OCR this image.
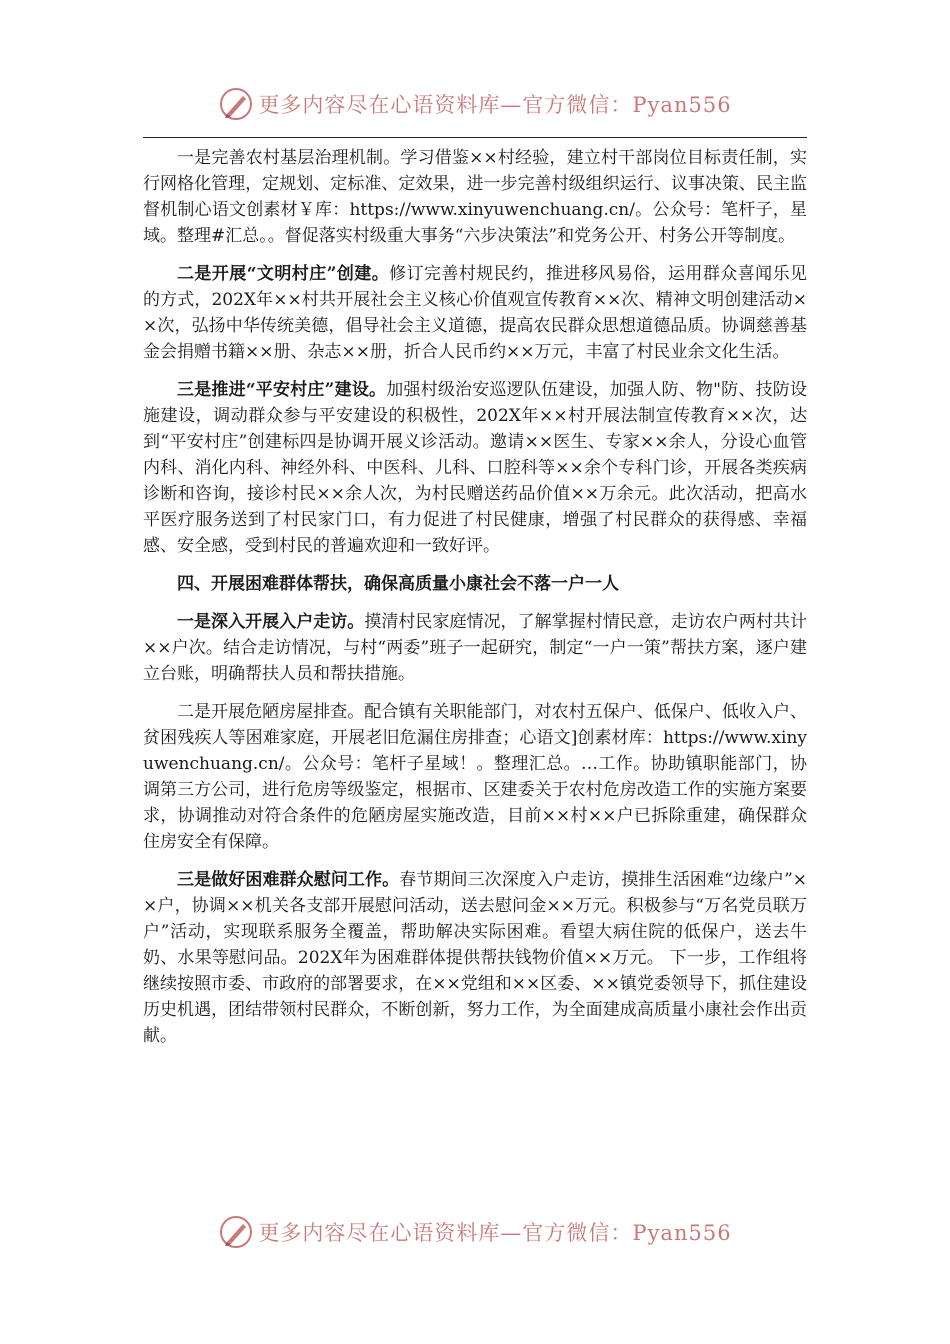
更多内容尽在心语资料库—官方微信：Pyan556

一是完善农村基层治理机制。学习借鉴××村经验，建立村干部岗位目标责任制，实行网格化管理，定规划、定标准、定效果，进一步完善村级组织运行、议事决策、民主监督机制心语文创素材￥库：https://www.xinyuwenchuang.cn/。公众号：笔杆子，星域。整理#汇总。。督促落实村级重大事务“六步决策法”和党务公开、村务公开等制度。

二是开展“文明村庄”创建。修订完善村规民约，推进移风易俗，运用群众喜闻乐见的方式，202X年××村共开展社会主义核心价值观宣传教育××次、精神文明创建活动××次，弘扬中华传统美德，倡导社会主义道德，提高农民群众思想道德品质。协调慈善基金会捐赠书籍××册、杂志××册，折合人民币约××万元，丰富了村民业余文化生活。

三是推进“平安村庄”建设。加强村级治安巡逻队伍建设，加强人防、物"防、技防设施建设，调动群众参与平安建设的积极性，202X年××村开展法制宣传教育××次，达到“平安村庄”创建标四是协调开展义诊活动。邀请××医生、专家××余人，分设心血管内科、消化内科、神经外科、中医科、儿科、口腔科等××余个专科门诊，开展各类疾病诊断和咨询，接诊村民××余人次，为村民赠送药品价值××万余元。此次活动，把高水平医疗服务送到了村民家门口，有力促进了村民健康，增强了村民群众的获得感、幸福感、安全感，受到村民的普遍欢迎和一致好评。

四、开展困难群体帮扶，确保高质量小康社会不落一户一人

一是深入开展入户走访。摸清村民家庭情况，了解掌握村情民意，走访农户两村共计××户次。结合走访情况，与村“两委”班子一起研究，制定“一户一策”帮扶方案，逐户建立台账，明确帮扶人员和帮扶措施。

二是开展危陋房屋排查。配合镇有关职能部门，对农村五保户、低保户、低收入户、贫困残疾人等困难家庭，开展老旧危漏住房排查；心语文]创素材库：https://www.xinyuwenchuang.cn/。公众号：笔杆子星域！。整理汇总。…工作。协助镇职能部门，协调第三方公司，进行危房等级鉴定，根据市、区建委关于农村危房改造工作的实施方案要求，协调推动对符合条件的危陋房屋实施改造，目前××村××户已拆除重建，确保群众住房安全有保障。

三是做好困难群众慰问工作。春节期间三次深度入户走访，摸排生活困难“边缘户”××户，协调××机关各支部开展慰问活动，送去慰问金××万元。积极参与“万名党员联万户”活动，实现联系服务全覆盖，帮助解决实际困难。看望大病住院的低保户，送去牛奶、水果等慰问品。202X年为困难群体提供帮扶钱物价值××万元。 下一步，工作组将继续按照市委、市政府的部署要求，在××党组和××区委、××镇党委领导下，抓住建设历史机遇，团结带领村民群众，不断创新，努力工作，为全面建成高质量小康社会作出贡献。

更多内容尽在心语资料库—官方微信：Pyan556
